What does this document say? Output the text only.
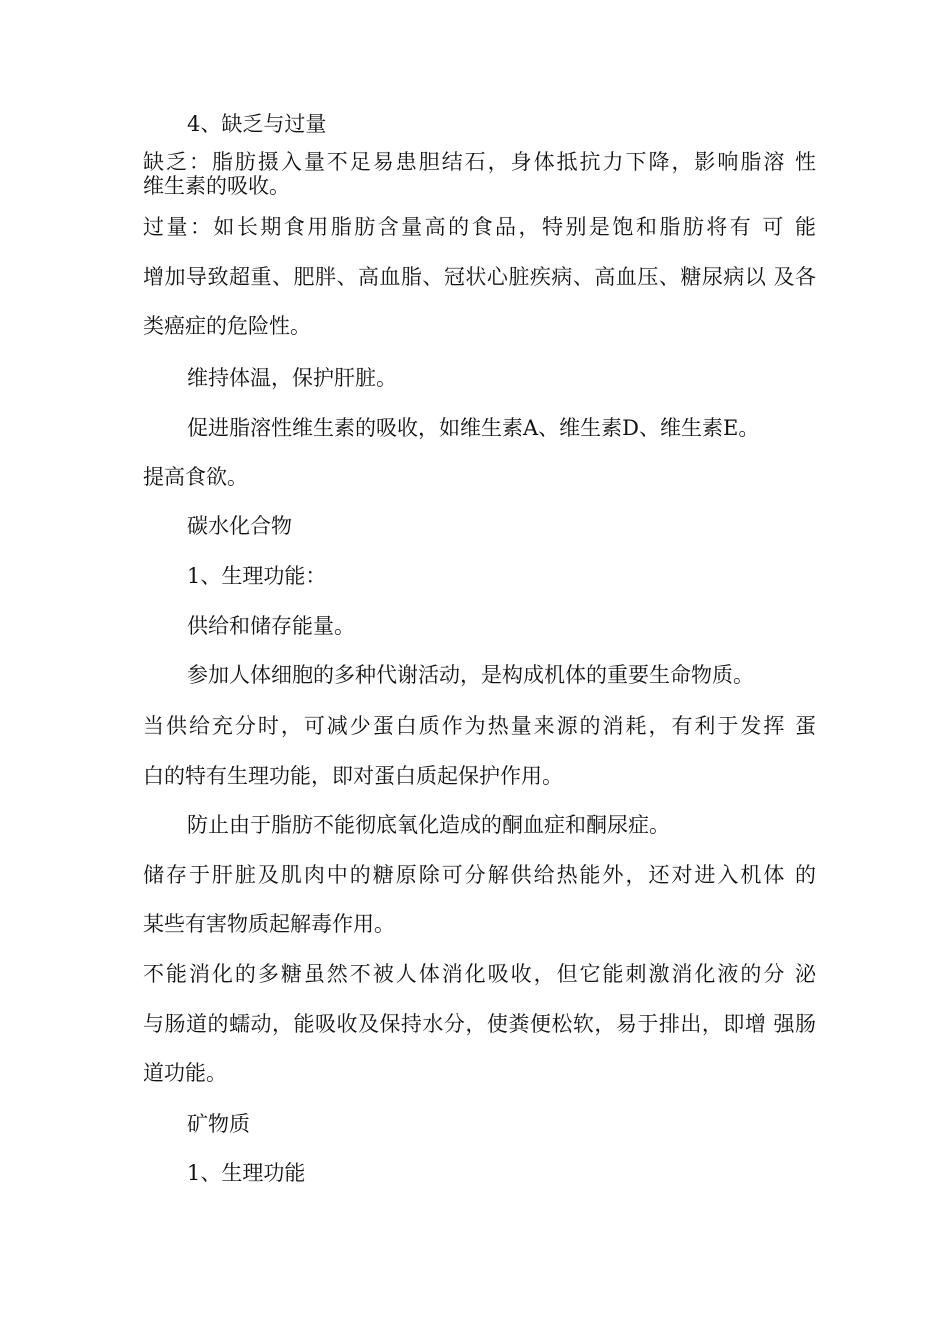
4、缺乏与过量

缺乏：脂肪摄入量不足易患胆结石，身体抵抗力下降，影响脂溶 性

维生素的吸收。

过量：如长期食用脂肪含量高的食品，特别是饱和脂肪将有 可 能

增加导致超重、肥胖、高血脂、冠状心脏疾病、高血压、糖尿病以 及各

类癌症的危险性。

维持体温，保护肝脏。

促进脂溶性维生素的吸收，如维生素A、维生素D、维生素E。

提高食欲。

碳水化合物

1、生理功能：

供给和储存能量。

参加人体细胞的多种代谢活动，是构成机体的重要生命物质。

当供给充分时，可减少蛋白质作为热量来源的消耗，有利于发挥 蛋

白的特有生理功能，即对蛋白质起保护作用。

防止由于脂肪不能彻底氧化造成的酮血症和酮尿症。

储存于肝脏及肌肉中的糖原除可分解供给热能外，还对进入机体 的

某些有害物质起解毒作用。

不能消化的多糖虽然不被人体消化吸收，但它能刺激消化液的分 泌

与肠道的蠕动，能吸收及保持水分，使粪便松软，易于排出，即增 强肠

道功能。

矿物质

1、生理功能
